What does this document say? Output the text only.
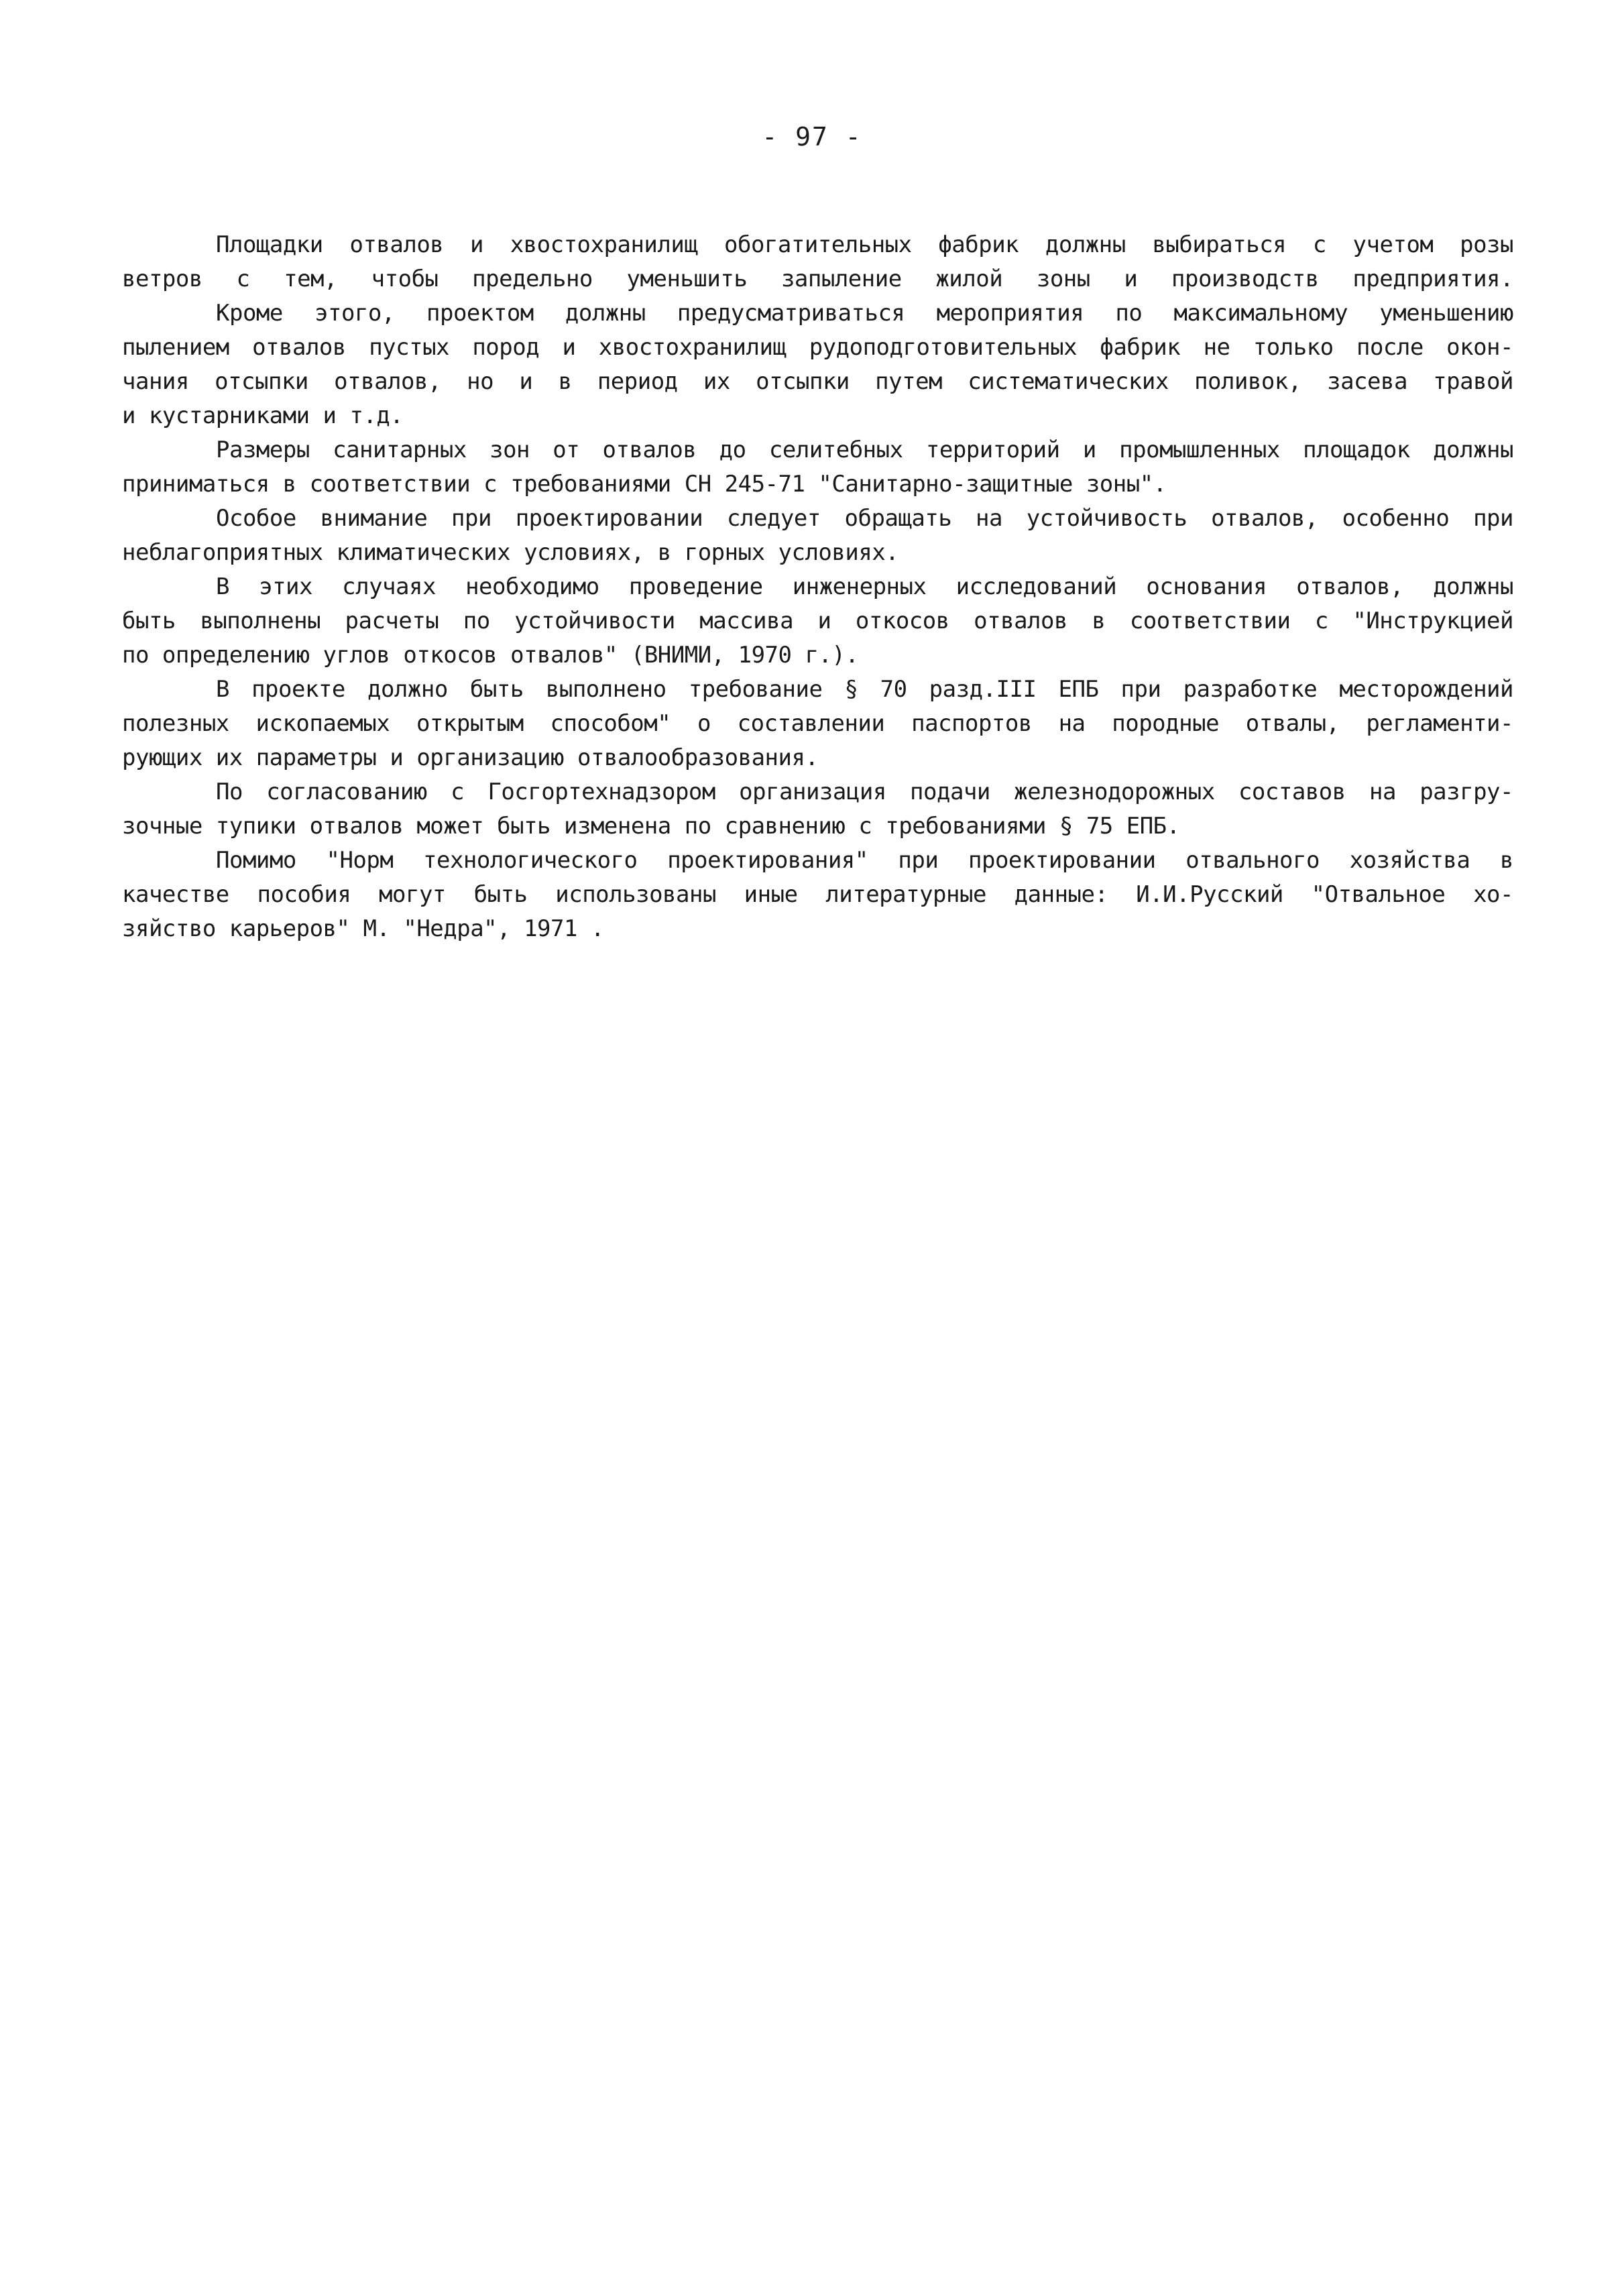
- 97 -
Площадки отвалов и хвостохранилищ обогатительных фабрик должны выбираться с учетом розы
ветров с тем, чтобы предельно уменьшить запыление жилой зоны и производств предприятия.
Кроме этого, проектом должны предусматриваться мероприятия по максимальному уменьшению
пылением отвалов пустых пород и хвостохранилищ рудоподготовительных фабрик не только после окон-
чания отсыпки отвалов, но и в период их отсыпки путем систематических поливок, засева травой
и кустарниками и т.д.
Размеры санитарных зон от отвалов до селитебных территорий и промышленных площадок должны
приниматься в соответствии с требованиями СН 245-71 "Санитарно-защитные зоны".
Особое внимание при проектировании следует обращать на устойчивость отвалов, особенно при
неблагоприятных климатических условиях, в горных условиях.
В этих случаях необходимо проведение инженерных исследований основания отвалов, должны
быть выполнены расчеты по устойчивости массива и откосов отвалов в соответствии с "Инструкцией
по определению углов откосов отвалов" (ВНИМИ, 1970 г.).
В проекте должно быть выполнено требование § 70 разд.III ЕПБ при разработке месторождений
полезных ископаемых открытым способом" о составлении паспортов на породные отвалы, регламенти-
рующих их параметры и организацию отвалообразования.
По согласованию с Госгортехнадзором организация подачи железнодорожных составов на разгру-
зочные тупики отвалов может быть изменена по сравнению с требованиями § 75 ЕПБ.
Помимо "Норм технологического проектирования" при проектировании отвального хозяйства в
качестве пособия могут быть использованы иные литературные данные: И.И.Русский "Отвальное хо-
зяйство карьеров" М. "Недра", 1971 .
